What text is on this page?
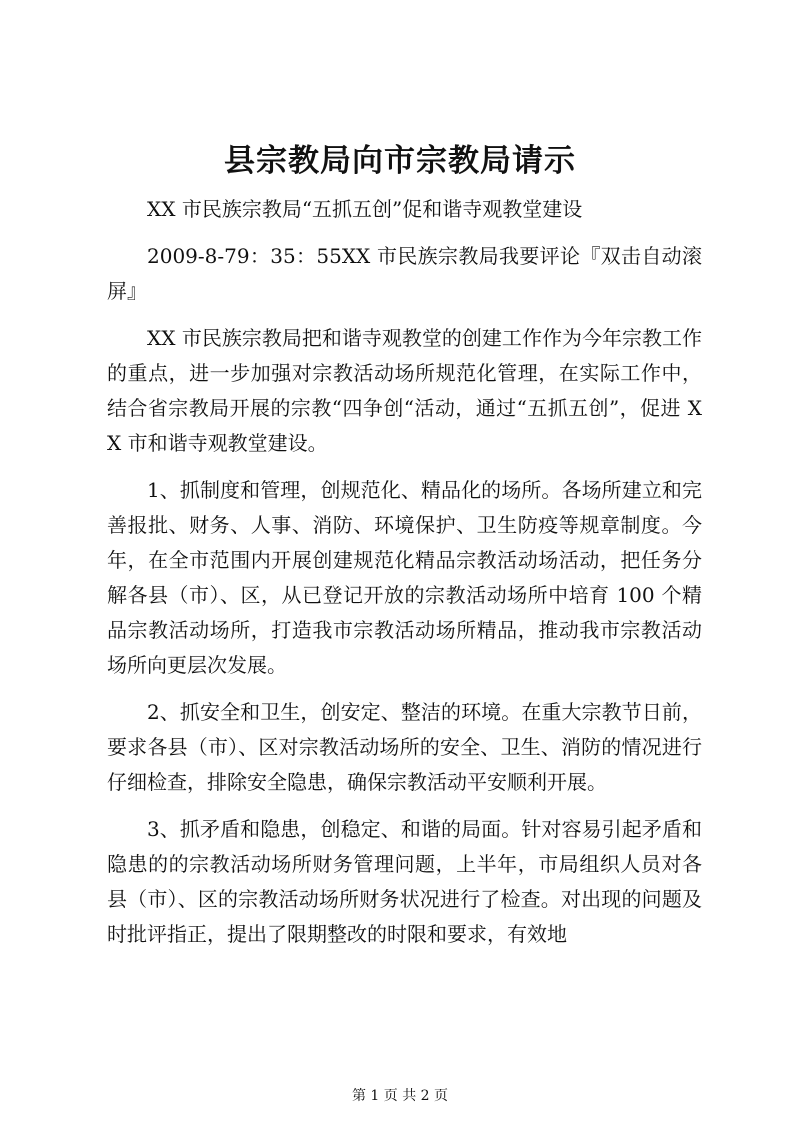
县宗教局向市宗教局请示

XX 市民族宗教局“五抓五创”促和谐寺观教堂建设

2009-8-79：35：55XX 市民族宗教局我要评论『双击自动滚屏』

XX 市民族宗教局把和谐寺观教堂的创建工作作为今年宗教工作的重点，进一步加强对宗教活动场所规范化管理，在实际工作中，结合省宗教局开展的宗教“四争创“活动，通过“五抓五创”，促进 XX 市和谐寺观教堂建设。

1、抓制度和管理，创规范化、精品化的场所。各场所建立和完善报批、财务、人事、消防、环境保护、卫生防疫等规章制度。今年，在全市范围内开展创建规范化精品宗教活动场活动，把任务分解各县（市）、区，从已登记开放的宗教活动场所中培育 100 个精品宗教活动场所，打造我市宗教活动场所精品，推动我市宗教活动场所向更层次发展。

2、抓安全和卫生，创安定、整洁的环境。在重大宗教节日前，要求各县（市）、区对宗教活动场所的安全、卫生、消防的情况进行仔细检查，排除安全隐患，确保宗教活动平安顺利开展。

3、抓矛盾和隐患，创稳定、和谐的局面。针对容易引起矛盾和隐患的的宗教活动场所财务管理问题，上半年，市局组织人员对各县（市）、区的宗教活动场所财务状况进行了检查。对出现的问题及时批评指正，提出了限期整改的时限和要求，有效地

第 1 页 共 2 页
